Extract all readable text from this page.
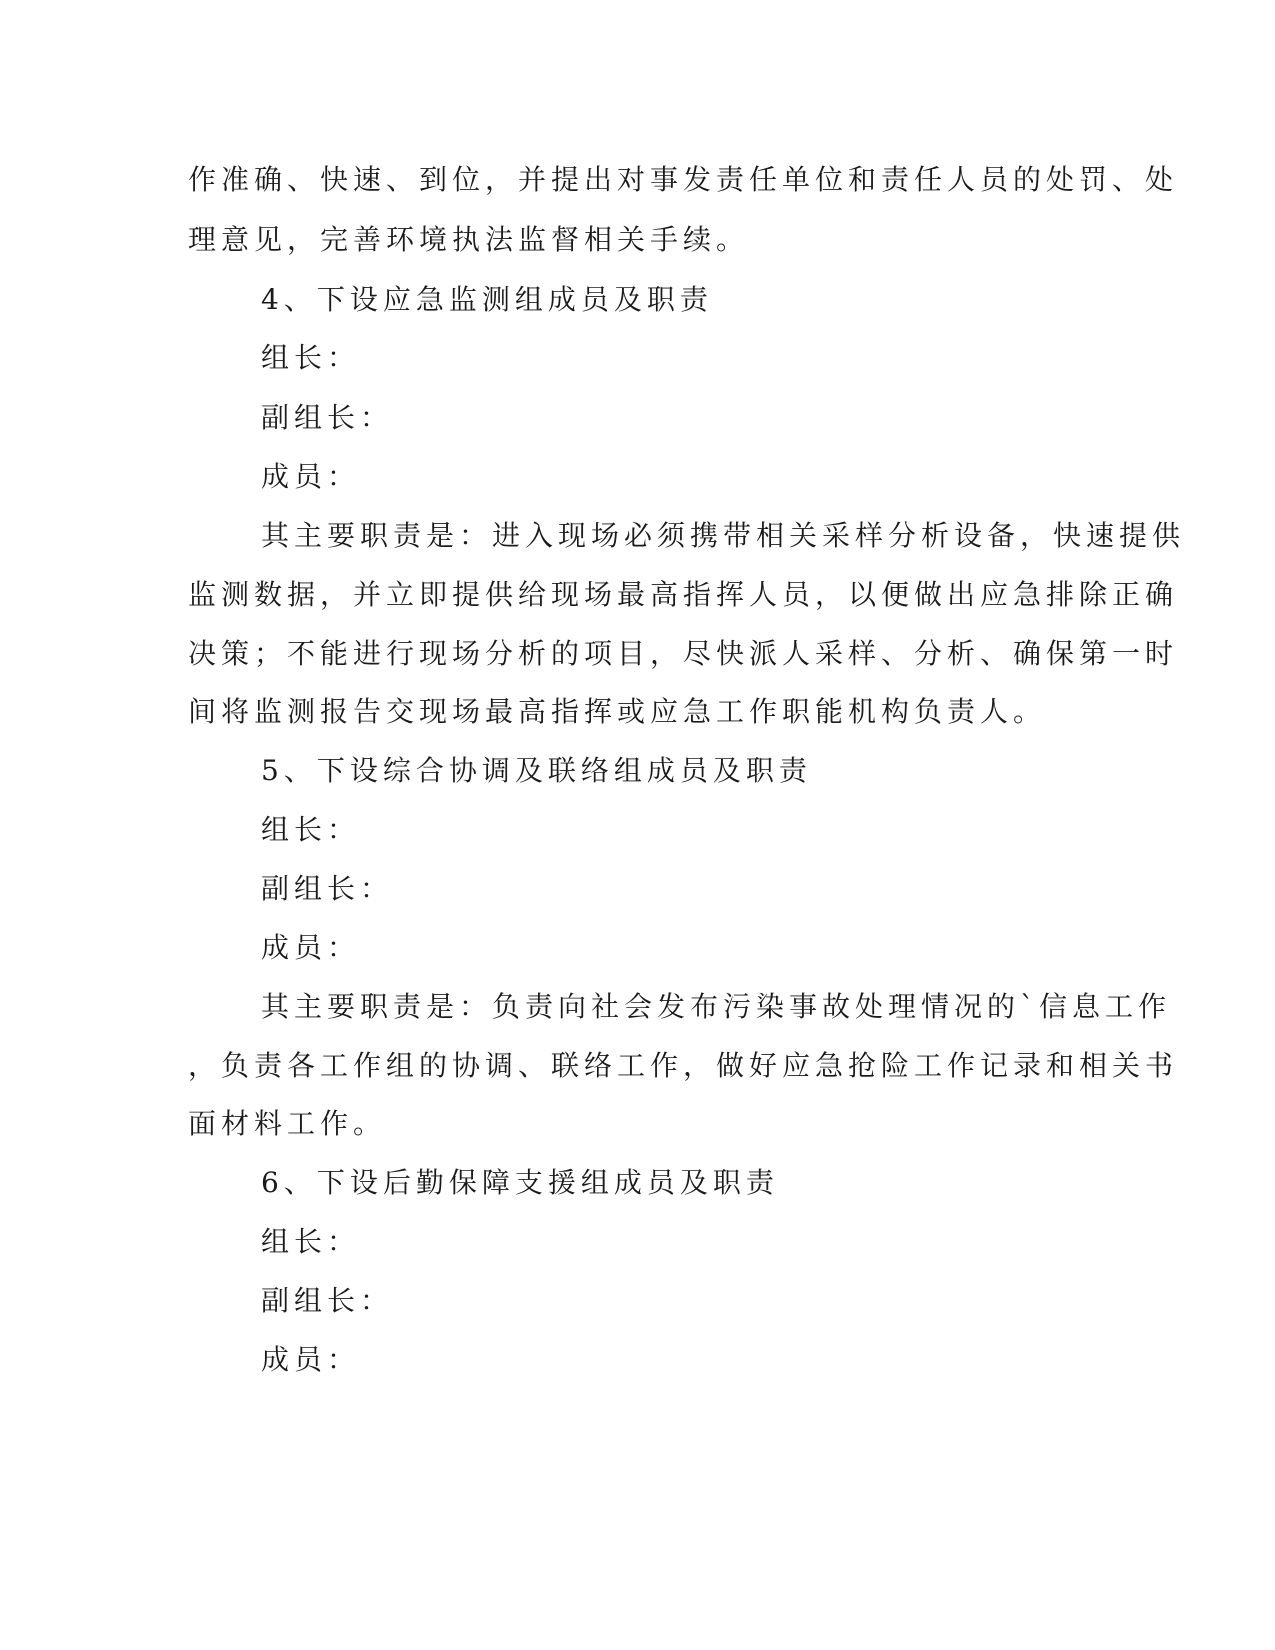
作准确、快速、到位，并提出对事发责任单位和责任人员的处罚、处
理意见，完善环境执法监督相关手续。
4、下设应急监测组成员及职责
组长：
副组长：
成员：
其主要职责是：进入现场必须携带相关采样分析设备，快速提供
监测数据，并立即提供给现场最高指挥人员，以便做出应急排除正确
决策；不能进行现场分析的项目，尽快派人采样、分析、确保第一时
间将监测报告交现场最高指挥或应急工作职能机构负责人。
5、下设综合协调及联络组成员及职责
组长：
副组长：
成员：
其主要职责是：负责向社会发布污染事故处理情况的`信息工作
，负责各工作组的协调、联络工作，做好应急抢险工作记录和相关书
面材料工作。
6、下设后勤保障支援组成员及职责
组长：
副组长：
成员：
